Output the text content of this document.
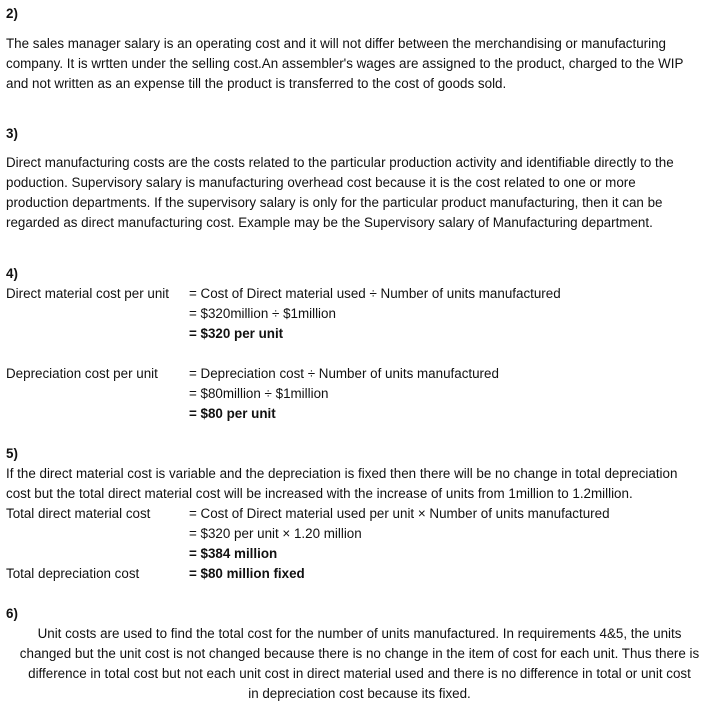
2)
The sales manager salary is an operating cost and it will not differ between the merchandising or manufacturing
company. It is wrtten under the selling cost.An assembler's wages are assigned to the product, charged to the WIP
and not written as an expense till the product is transferred to the cost of goods sold.
3)
Direct manufacturing costs are the costs related to the particular production activity and identifiable directly to the
poduction. Supervisory salary is manufacturing overhead cost because it is the cost related to one or more
production departments. If the supervisory salary is only for the particular product manufacturing, then it can be
regarded as direct manufacturing cost. Example may be the Supervisory salary of Manufacturing department.
4)
Direct material cost per unit = Cost of Direct material used ÷ Number of units manufactured
= $320million ÷ $1million
= $320 per unit
Depreciation cost per unit = Depreciation cost ÷ Number of units manufactured
= $80million ÷ $1million
= $80 per unit
5)
If the direct material cost is variable and the depreciation is fixed then there will be no change in total depreciation
cost but the total direct material cost will be increased with the increase of units from 1million to 1.2million.
Total direct material cost	= Cost of Direct material used per unit × Number of units manufactured
= $320 per unit × 1.20 million
= $384 million
Total depreciation cost	= $80 million fixed
6)
Unit costs are used to find the total cost for the number of units manufactured. In requirements 4&5, the units
changed but the unit cost is not changed because there is no change in the item of cost for each unit. Thus there is
difference in total cost but not each unit cost in direct material used and there is no difference in total or unit cost
in depreciation cost because its fixed.
